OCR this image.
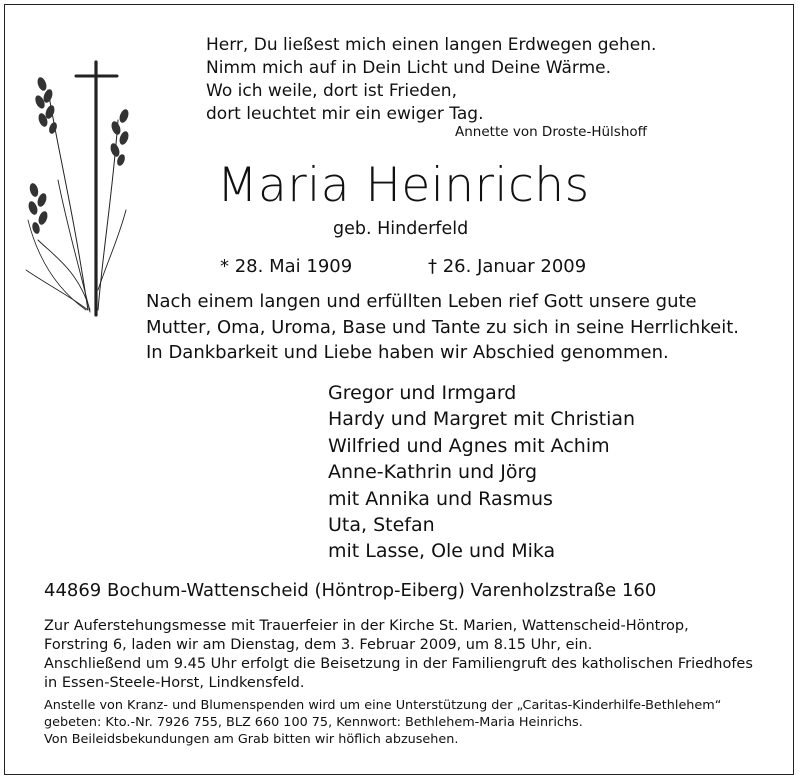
Herr, Du ließest mich einen langen Erdwegen gehen.
Nimm mich auf in Dein Licht und Deine Wärme.
Wo ich weile, dort ist Frieden,
dort leuchtet mir ein ewiger Tag.
Annette von Droste-Hülshoff
Maria Heinrichs
geb. Hinderfeld
* 28. Mai 1909	† 26. Januar 2009
Nach einem langen und erfüllten Leben rief Gott unsere gute
Mutter, Oma, Uroma, Base und Tante zu sich in seine Herrlichkeit.
In Dankbarkeit und Liebe haben wir Abschied genommen.
Gregor und Irmgard
Hardy und Margret mit Christian
Wilfried und Agnes mit Achim
Anne-Kathrin und Jörg
mit Annika und Rasmus
Uta, Stefan
mit Lasse, Ole und Mika
44869 Bochum-Wattenscheid (Höntrop-Eiberg) Varenholzstraße 160
Zur Auferstehungsmesse mit Trauerfeier in der Kirche St. Marien, Wattenscheid-Höntrop,
Forstring 6, laden wir am Dienstag, dem 3. Februar 2009, um 8.15 Uhr, ein.
Anschließend um 9.45 Uhr erfolgt die Beisetzung in der Familiengruft des katholischen Friedhofes
in Essen-Steele-Horst, Lindkensfeld.
Anstelle von Kranz- und Blumenspenden wird um eine Unterstützung der „Caritas-Kinderhilfe-Bethlehem“
gebeten: Kto.-Nr. 7926 755, BLZ 660 100 75, Kennwort: Bethlehem-Maria Heinrichs.
Von Beileidsbekundungen am Grab bitten wir höflich abzusehen.
